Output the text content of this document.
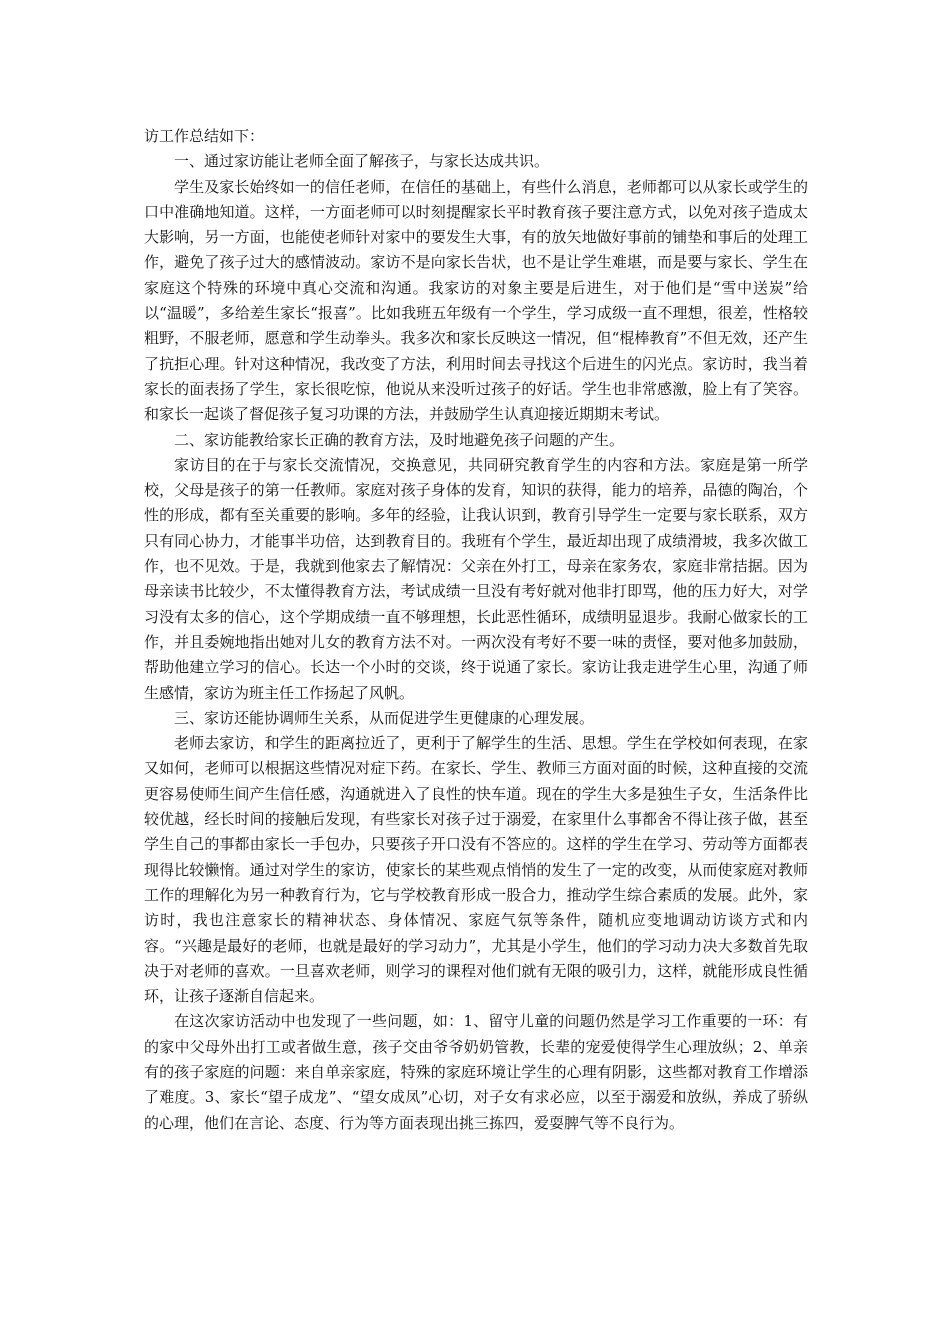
访工作总结如下：

一、通过家访能让老师全面了解孩子，与家长达成共识。

学生及家长始终如一的信任老师，在信任的基础上，有些什么消息，老师都可以从家长或学生的口中准确地知道。这样，一方面老师可以时刻提醒家长平时教育孩子要注意方式，以免对孩子造成太大影响，另一方面，也能使老师针对家中的要发生大事，有的放矢地做好事前的铺垫和事后的处理工作，避免了孩子过大的感情波动。家访不是向家长告状，也不是让学生难堪，而是要与家长、学生在家庭这个特殊的环境中真心交流和沟通。我家访的对象主要是后进生，对于他们是“雪中送炭”给以“温暖”，多给差生家长“报喜”。比如我班五年级有一个学生，学习成级一直不理想，很差，性格较粗野，不服老师，愿意和学生动拳头。我多次和家长反映这一情况，但“棍棒教育”不但无效，还产生了抗拒心理。针对这种情况，我改变了方法，利用时间去寻找这个后进生的闪光点。家访时，我当着家长的面表扬了学生，家长很吃惊，他说从来没听过孩子的好话。学生也非常感激，脸上有了笑容。和家长一起谈了督促孩子复习功课的方法，并鼓励学生认真迎接近期期末考试。

二、家访能教给家长正确的教育方法，及时地避免孩子问题的产生。

家访目的在于与家长交流情况，交换意见，共同研究教育学生的内容和方法。家庭是第一所学校，父母是孩子的第一任教师。家庭对孩子身体的发育，知识的获得，能力的培养，品德的陶冶，个性的形成，都有至关重要的影响。多年的经验，让我认识到，教育引导学生一定要与家长联系，双方只有同心协力，才能事半功倍，达到教育目的。我班有个学生，最近却出现了成绩滑坡，我多次做工作，也不见效。于是，我就到他家去了解情况：父亲在外打工，母亲在家务农，家庭非常拮据。因为母亲读书比较少，不太懂得教育方法，考试成绩一旦没有考好就对他非打即骂，他的压力好大，对学习没有太多的信心，这个学期成绩一直不够理想，长此恶性循环，成绩明显退步。我耐心做家长的工作，并且委婉地指出她对儿女的教育方法不对。一两次没有考好不要一味的责怪，要对他多加鼓励，帮助他建立学习的信心。长达一个小时的交谈，终于说通了家长。家访让我走进学生心里，沟通了师生感情，家访为班主任工作扬起了风帆。

三、家访还能协调师生关系，从而促进学生更健康的心理发展。

老师去家访，和学生的距离拉近了，更利于了解学生的生活、思想。学生在学校如何表现，在家又如何，老师可以根据这些情况对症下药。在家长、学生、教师三方面对面的时候，这种直接的交流更容易使师生间产生信任感，沟通就进入了良性的快车道。现在的学生大多是独生子女，生活条件比较优越，经长时间的接触后发现，有些家长对孩子过于溺爱，在家里什么事都舍不得让孩子做，甚至学生自己的事都由家长一手包办，只要孩子开口没有不答应的。这样的学生在学习、劳动等方面都表现得比较懒惰。通过对学生的家访，使家长的某些观点悄悄的发生了一定的改变，从而使家庭对教师工作的理解化为另一种教育行为，它与学校教育形成一股合力，推动学生综合素质的发展。此外，家访时，我也注意家长的精神状态、身体情况、家庭气氛等条件，随机应变地调动访谈方式和内容。“兴趣是最好的老师，也就是最好的学习动力”，尤其是小学生，他们的学习动力决大多数首先取决于对老师的喜欢。一旦喜欢老师，则学习的课程对他们就有无限的吸引力，这样，就能形成良性循环，让孩子逐渐自信起来。

在这次家访活动中也发现了一些问题，如：1、留守儿童的问题仍然是学习工作重要的一环：有的家中父母外出打工或者做生意，孩子交由爷爷奶奶管教，长辈的宠爱使得学生心理放纵；2、单亲有的孩子家庭的问题：来自单亲家庭，特殊的家庭环境让学生的心理有阴影，这些都对教育工作增添了难度。3、家长“望子成龙”、“望女成凤”心切，对子女有求必应，以至于溺爱和放纵，养成了骄纵的心理，他们在言论、态度、行为等方面表现出挑三拣四，爱耍脾气等不良行为。
